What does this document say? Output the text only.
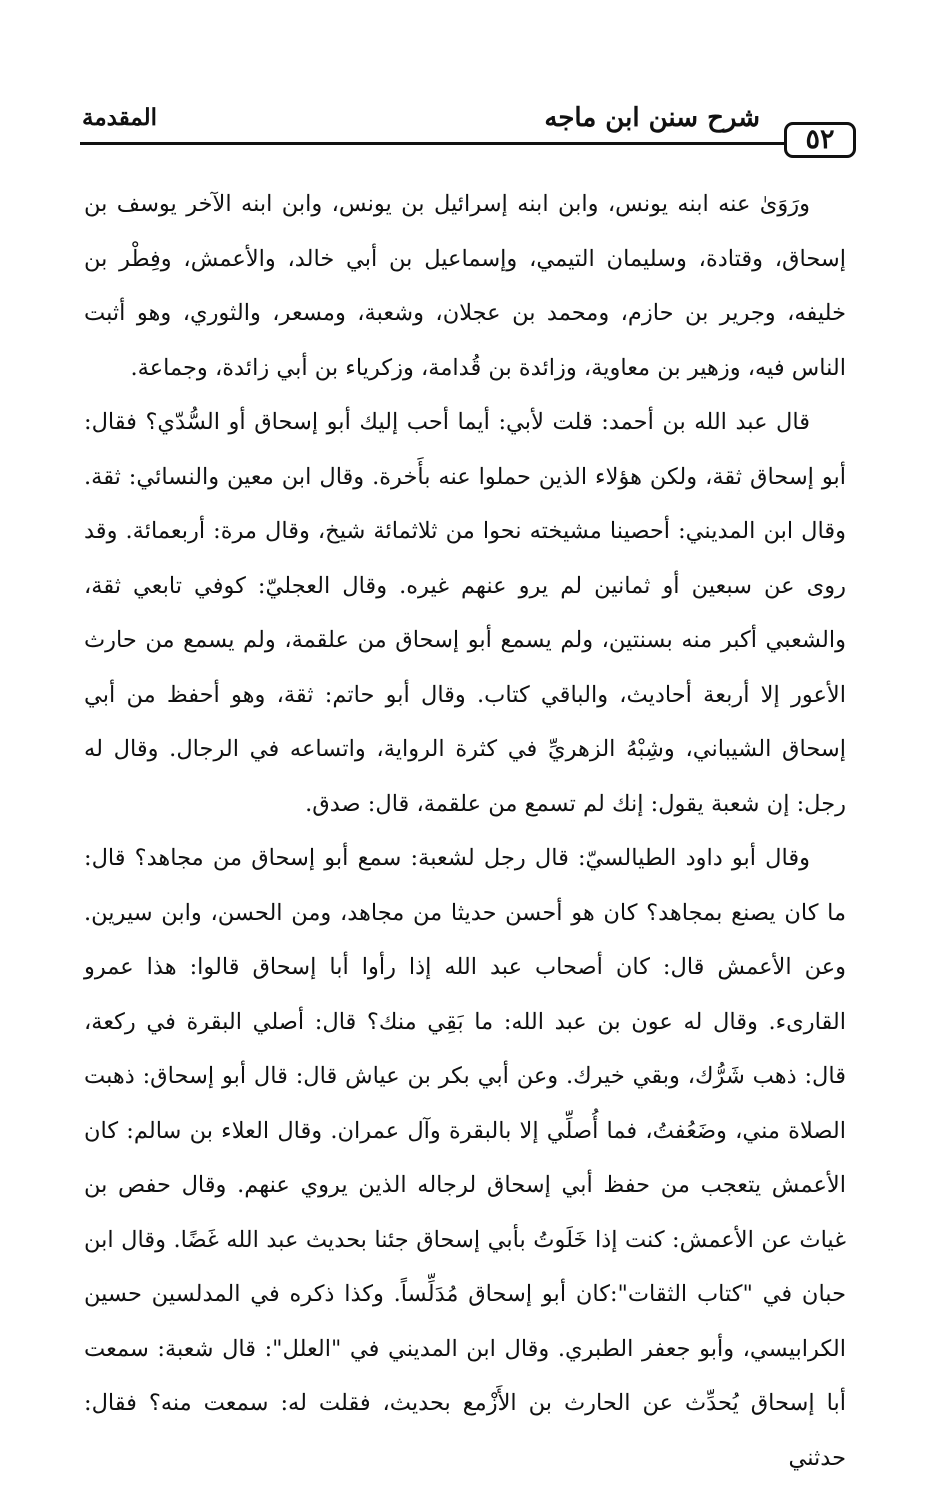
٥٢
شرح سنن ابن ماجه
المقدمة

ورَوَىٰ عنه ابنه يونس، وابن ابنه إسرائيل بن يونس، وابن ابنه الآخر يوسف بن إسحاق، وقتادة، وسليمان التيمي، وإسماعيل بن أبي خالد، والأعمش، وفِطْر بن خليفه، وجرير بن حازم، ومحمد بن عجلان، وشعبة، ومسعر، والثوري، وهو أثبت الناس فيه، وزهير بن معاوية، وزائدة بن قُدامة، وزكرياء بن أبي زائدة، وجماعة.

قال عبد الله بن أحمد: قلت لأبي: أيما أحب إليك أبو إسحاق أو السُّدّي؟ فقال: أبو إسحاق ثقة، ولكن هؤلاء الذين حملوا عنه بأَخرة. وقال ابن معين والنسائي: ثقة. وقال ابن المديني: أحصينا مشيخته نحوا من ثلاثمائة شيخ، وقال مرة: أربعمائة. وقد روى عن سبعين أو ثمانين لم يرو عنهم غيره. وقال العجليّ: كوفي تابعي ثقة، والشعبي أكبر منه بسنتين، ولم يسمع أبو إسحاق من علقمة، ولم يسمع من حارث الأعور إلا أربعة أحاديث، والباقي كتاب. وقال أبو حاتم: ثقة، وهو أحفظ من أبي إسحاق الشيباني، وشِبْهُ الزهريِّ في كثرة الرواية، واتساعه في الرجال. وقال له رجل: إن شعبة يقول: إنك لم تسمع من علقمة، قال: صدق.

وقال أبو داود الطيالسيّ: قال رجل لشعبة: سمع أبو إسحاق من مجاهد؟ قال: ما كان يصنع بمجاهد؟ كان هو أحسن حديثا من مجاهد، ومن الحسن، وابن سيرين. وعن الأعمش قال: كان أصحاب عبد الله إذا رأوا أبا إسحاق قالوا: هذا عمرو القارىء. وقال له عون بن عبد الله: ما بَقِي منك؟ قال: أصلي البقرة في ركعة، قال: ذهب شَرُّك، وبقي خيرك. وعن أبي بكر بن عياش قال: قال أبو إسحاق: ذهبت الصلاة مني، وضَعُفتُ، فما أُصلِّي إلا بالبقرة وآل عمران. وقال العلاء بن سالم: كان الأعمش يتعجب من حفظ أبي إسحاق لرجاله الذين يروي عنهم. وقال حفص بن غياث عن الأعمش: كنت إذا خَلَوتُ بأبي إسحاق جئنا بحديث عبد الله غَضًا. وقال ابن حبان في "كتاب الثقات":كان أبو إسحاق مُدَلِّساً. وكذا ذكره في المدلسين حسين الكرابيسي، وأبو جعفر الطبري. وقال ابن المديني في "العلل": قال شعبة: سمعت أبا إسحاق يُحدِّث عن الحارث بن الأَزْمع بحديث، فقلت له: سمعت منه؟ فقال: حدثني
